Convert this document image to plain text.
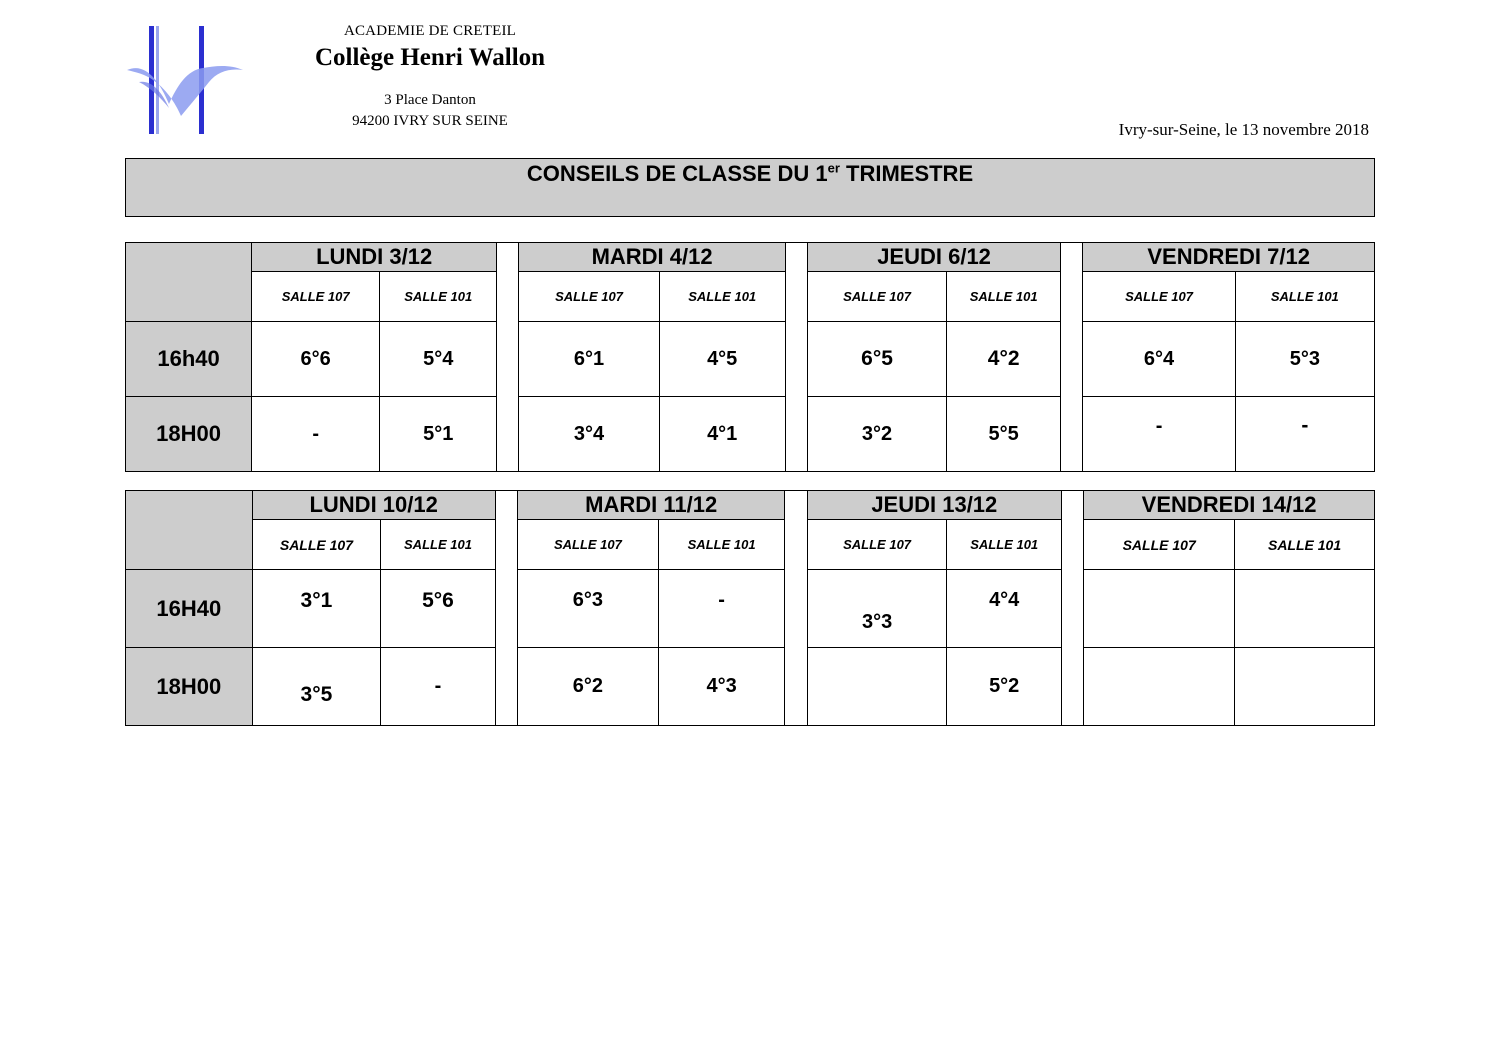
ACADEMIE DE CRETEIL
Collège Henri Wallon
3 Place Danton
94200 IVRY SUR SEINE	Ivry-sur-Seine, le 13 novembre 2018
CONSEILS DE CLASSE DU 1er TRIMESTRE
	LUNDI 3/12			MARDI 4/12			JEUDI 6/12			VENDREDI 7/12	
	SALLE 107	SALLE 101		SALLE 107	SALLE 101		SALLE 107	SALLE 101		SALLE 107	SALLE 101
16h40	6°6	5°4		6°1	4°5		6°5	4°2		6°4	5°3
18H00	-	5°1		3°4	4°1		3°2	5°5		-	-
	LUNDI 10/12			MARDI 11/12			JEUDI 13/12			VENDREDI 14/12	
	SALLE 107	SALLE 101		SALLE 107	SALLE 101		SALLE 107	SALLE 101		SALLE 107	SALLE 101
16H40	3°1	5°6		6°3	-		3°3	4°4			
18H00	3°5	-		6°2	4°3			5°2			
